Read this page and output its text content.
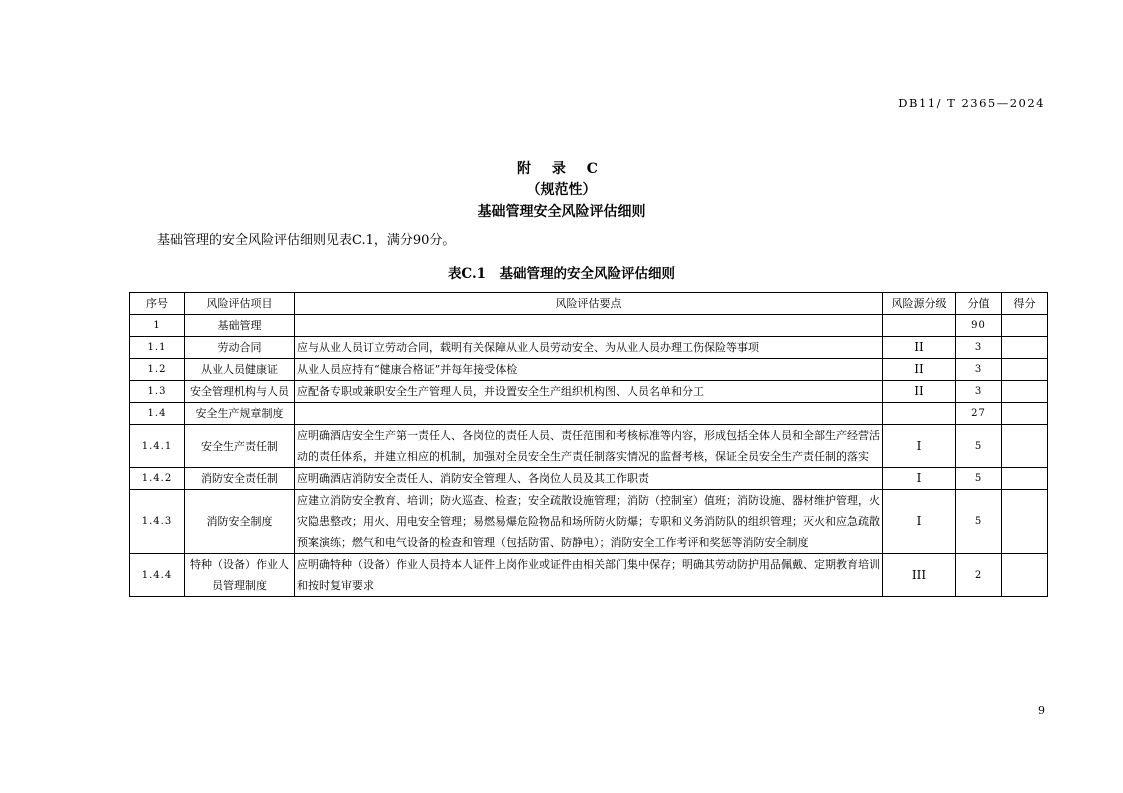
DB11/ T 2365—2024
附 录 C
（规范性）
基础管理安全风险评估细则
基础管理的安全风险评估细则见表C.1，满分90分。
表C.1　基础管理的安全风险评估细则
序号	风险评估项目	风险评估要点	风险源分级	分值	得分
1	基础管理			90	
1.1	劳动合同	应与从业人员订立劳动合同，载明有关保障从业人员劳动安全、为从业人员办理工伤保险等事项	II	3	
1.2	从业人员健康证	从业人员应持有“健康合格证”并每年接受体检	II	3	
1.3	安全管理机构与人员	应配备专职或兼职安全生产管理人员，并设置安全生产组织机构图、人员名单和分工	II	3	
1.4	安全生产规章制度			27	
1.4.1	安全生产责任制	应明确酒店安全生产第一责任人、各岗位的责任人员、责任范围和考核标准等内容，形成包括全体人员和全部生产经营活动的责任体系，并建立相应的机制，加强对全员安全生产责任制落实情况的监督考核，保证全员安全生产责任制的落实	I	5	
1.4.2	消防安全责任制	应明确酒店消防安全责任人、消防安全管理人、各岗位人员及其工作职责	I	5	
1.4.3	消防安全制度	应建立消防安全教育、培训；防火巡查、检查；安全疏散设施管理；消防（控制室）值班；消防设施、器材维护管理，火灾隐患整改；用火、用电安全管理；易燃易爆危险物品和场所防火防爆；专职和义务消防队的组织管理；灭火和应急疏散预案演练；燃气和电气设备的检查和管理（包括防雷、防静电）；消防安全工作考评和奖惩等消防安全制度	I	5	
1.4.4	特种（设备）作业人员管理制度	应明确特种（设备）作业人员持本人证件上岗作业或证件由相关部门集中保存；明确其劳动防护用品佩戴、定期教育培训和按时复审要求	III	2	
9
